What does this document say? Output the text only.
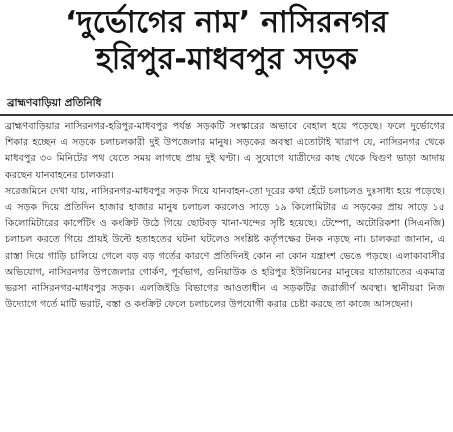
‘দুর্ভোগের নাম’ নাসিরনগর
হরিপুর-মাধবপুর সড়ক
ব্রাহ্মণবাড়িয়া প্রতিনিধি

ব্রাহ্মণবাড়িয়ার নাসিরনগর-হরিপুর-মাধবপুর পর্যন্ত সড়কটি সংস্কারের অভাবে বেহাল হয়ে পড়েছে। ফলে দুর্ভোগের শিকার হচ্ছেন এ সড়কে চলাচলকারী দুই উপজেলার মানুষ। সড়কের অবস্থা এতোটাই খারাপ যে, নাসিরনগর থেকে মাধবপুর ৩০ মিনিটের পথ যেতে সময় লাগছে প্রায় দুই ঘণ্টা। এ সুযোগে যাত্রীদের কাছ থেকে দ্বিগুণ ভাড়া আদায় করছেন যানবাহনের চালকরা।

সরেজমিনে দেখা যায়, নাসিরনগর-মাধবপুর সড়ক দিয়ে যানবাহন-তো দূরের কথা হেঁটে চলাচলও দুঃসাধ্য হয়ে পড়েছে। এ সড়ক দিয়ে প্রতিদিন হাজার হাজার মানুষ চলাচল করলেও সাড়ে ১৯ কিলোমিটার এ সড়কের প্রায় সাড়ে ১৫ কিলোমিটারের কার্পেটিং ও কংক্রিট উঠে গিয়ে ছোটবড় খানা-খন্দের সৃষ্টি হয়েছে। টেম্পো, অটোরিকশা (সিএনজি) চলাচল করতে গিয়ে প্রায়ই উল্টে হতাহতের ঘটনা ঘটলেও সংশ্লিষ্ট কর্তৃপক্ষের টনক নড়ছে না। চালকরা জানান, এ রাস্তা দিয়ে গাড়ি চালিয়ে গেলে বড় বড় গর্তের কারণে প্রতিদিনই কোন না কোন যন্ত্রাংশ ভেঙে পড়ছে। এলাকাবাসীর অভিযোগ, নাসিরনগর উপজেলার গোর্কণ, পূর্বভাগ, গুনিয়াউক ও হরিপুর ইউনিয়নের মানুষের যাতায়াতের একমাত্র ভরসা নাসিরনগর-মাধবপুর সড়ক। এলজিইডি বিভাগের আওতাধীন এ সড়কটির জরাজীর্ণ অবস্থা। স্থানীয়রা নিজ উদ্যোগে গর্তে মাটি ভরাট, বস্তা ও কংক্রিট ফেলে চলাচলের উপযোগী করার চেষ্টা করছে তা কাজে আসছেনা।
